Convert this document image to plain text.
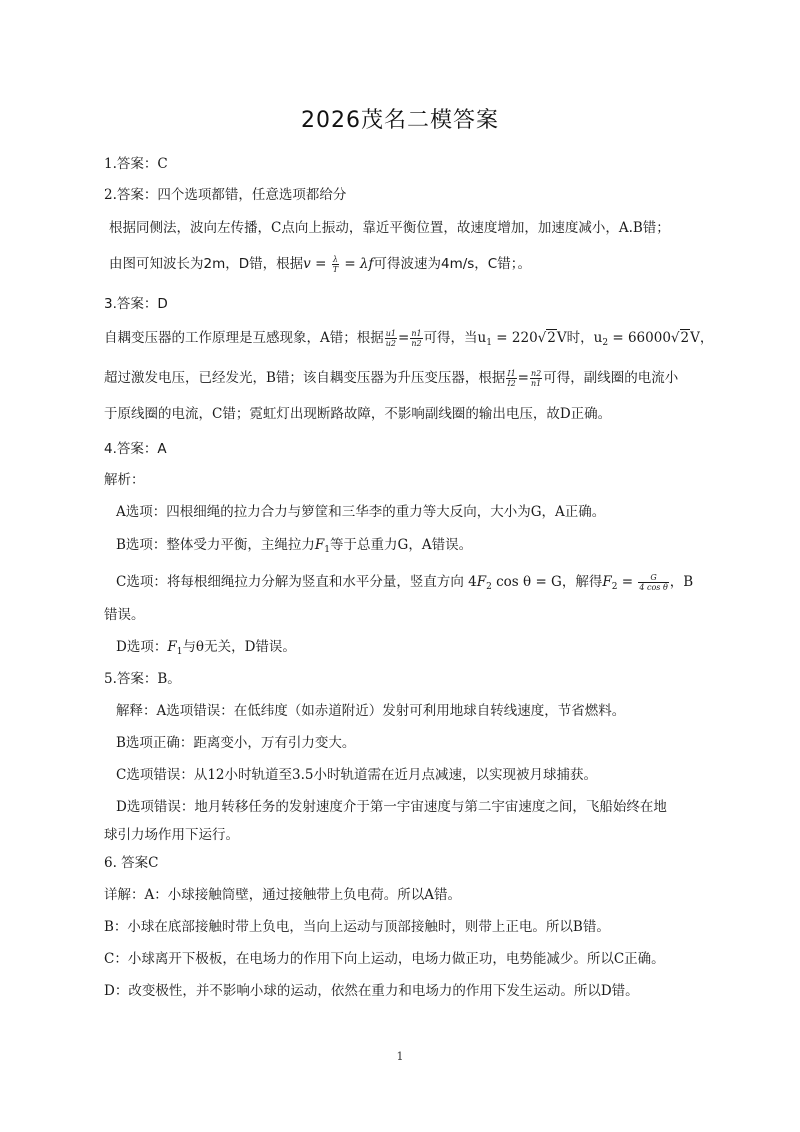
2026茂名二模答案
1.答案：C
2.答案：四个选项都错，任意选项都给分
根据同侧法，波向左传播，C点向上振动，靠近平衡位置，故速度增加，加速度减小，A.B错；
由图可知波长为2m，D错，根据$v = \frac{\lambda}{T} = \lambda f$可得波速为4m/s，C错；。
3.答案：D
自耦变压器的工作原理是互感现象，A错；根据 $\frac{u1}{u2} = \frac{n1}{n2}$ 可得，当$u_1 = 220√2V$时，$u_2 = 66000√2V$，
超过激发电压，已经发光，B错；该自耦变压器为升压变压器，根据 $\frac{I1}{I2} = \frac{n2}{n1}$ 可得，副线圈的电流小
于原线圈的电流，C错；霓虹灯出现断路故障，不影响副线圈的输出电压，故D正确。
4.答案：A
解析：
A选项：四根细绳的拉力合力与箩筐和三华李的重力等大反向，大小为G，A正确。
B选项：整体受力平衡，主绳拉力$F_1$等于总重力G，A错误。
C选项：将每根细绳拉力分解为竖直和水平分量，竖直方向 $4F_2$ cos θ = G，解得$F_2 = \frac{G}{\text{4 cos θ}}$ ，B
错误。
D选项：$F_1$与θ无关，D错误。
5.答案：B。
解释：A选项错误：在低纬度（如赤道附近）发射可利用地球自转线速度，节省燃料。
B选项正确：距离变小，万有引力变大。
C选项错误：从12小时轨道至3.5小时轨道需在近月点减速，以实现被月球捕获。
D选项错误：地月转移任务的发射速度介于第一宇宙速度与第二宇宙速度之间，飞船始终在地
球引力场作用下运行。
6. 答案C
详解：A：小球接触筒壁，通过接触带上负电荷。所以A错。
B：小球在底部接触时带上负电，当向上运动与顶部接触时，则带上正电。所以B错。
C：小球离开下极板，在电场力的作用下向上运动，电场力做正功，电势能减少。所以C正确。
D：改变极性，并不影响小球的运动，依然在重力和电场力的作用下发生运动。所以D错。
1
